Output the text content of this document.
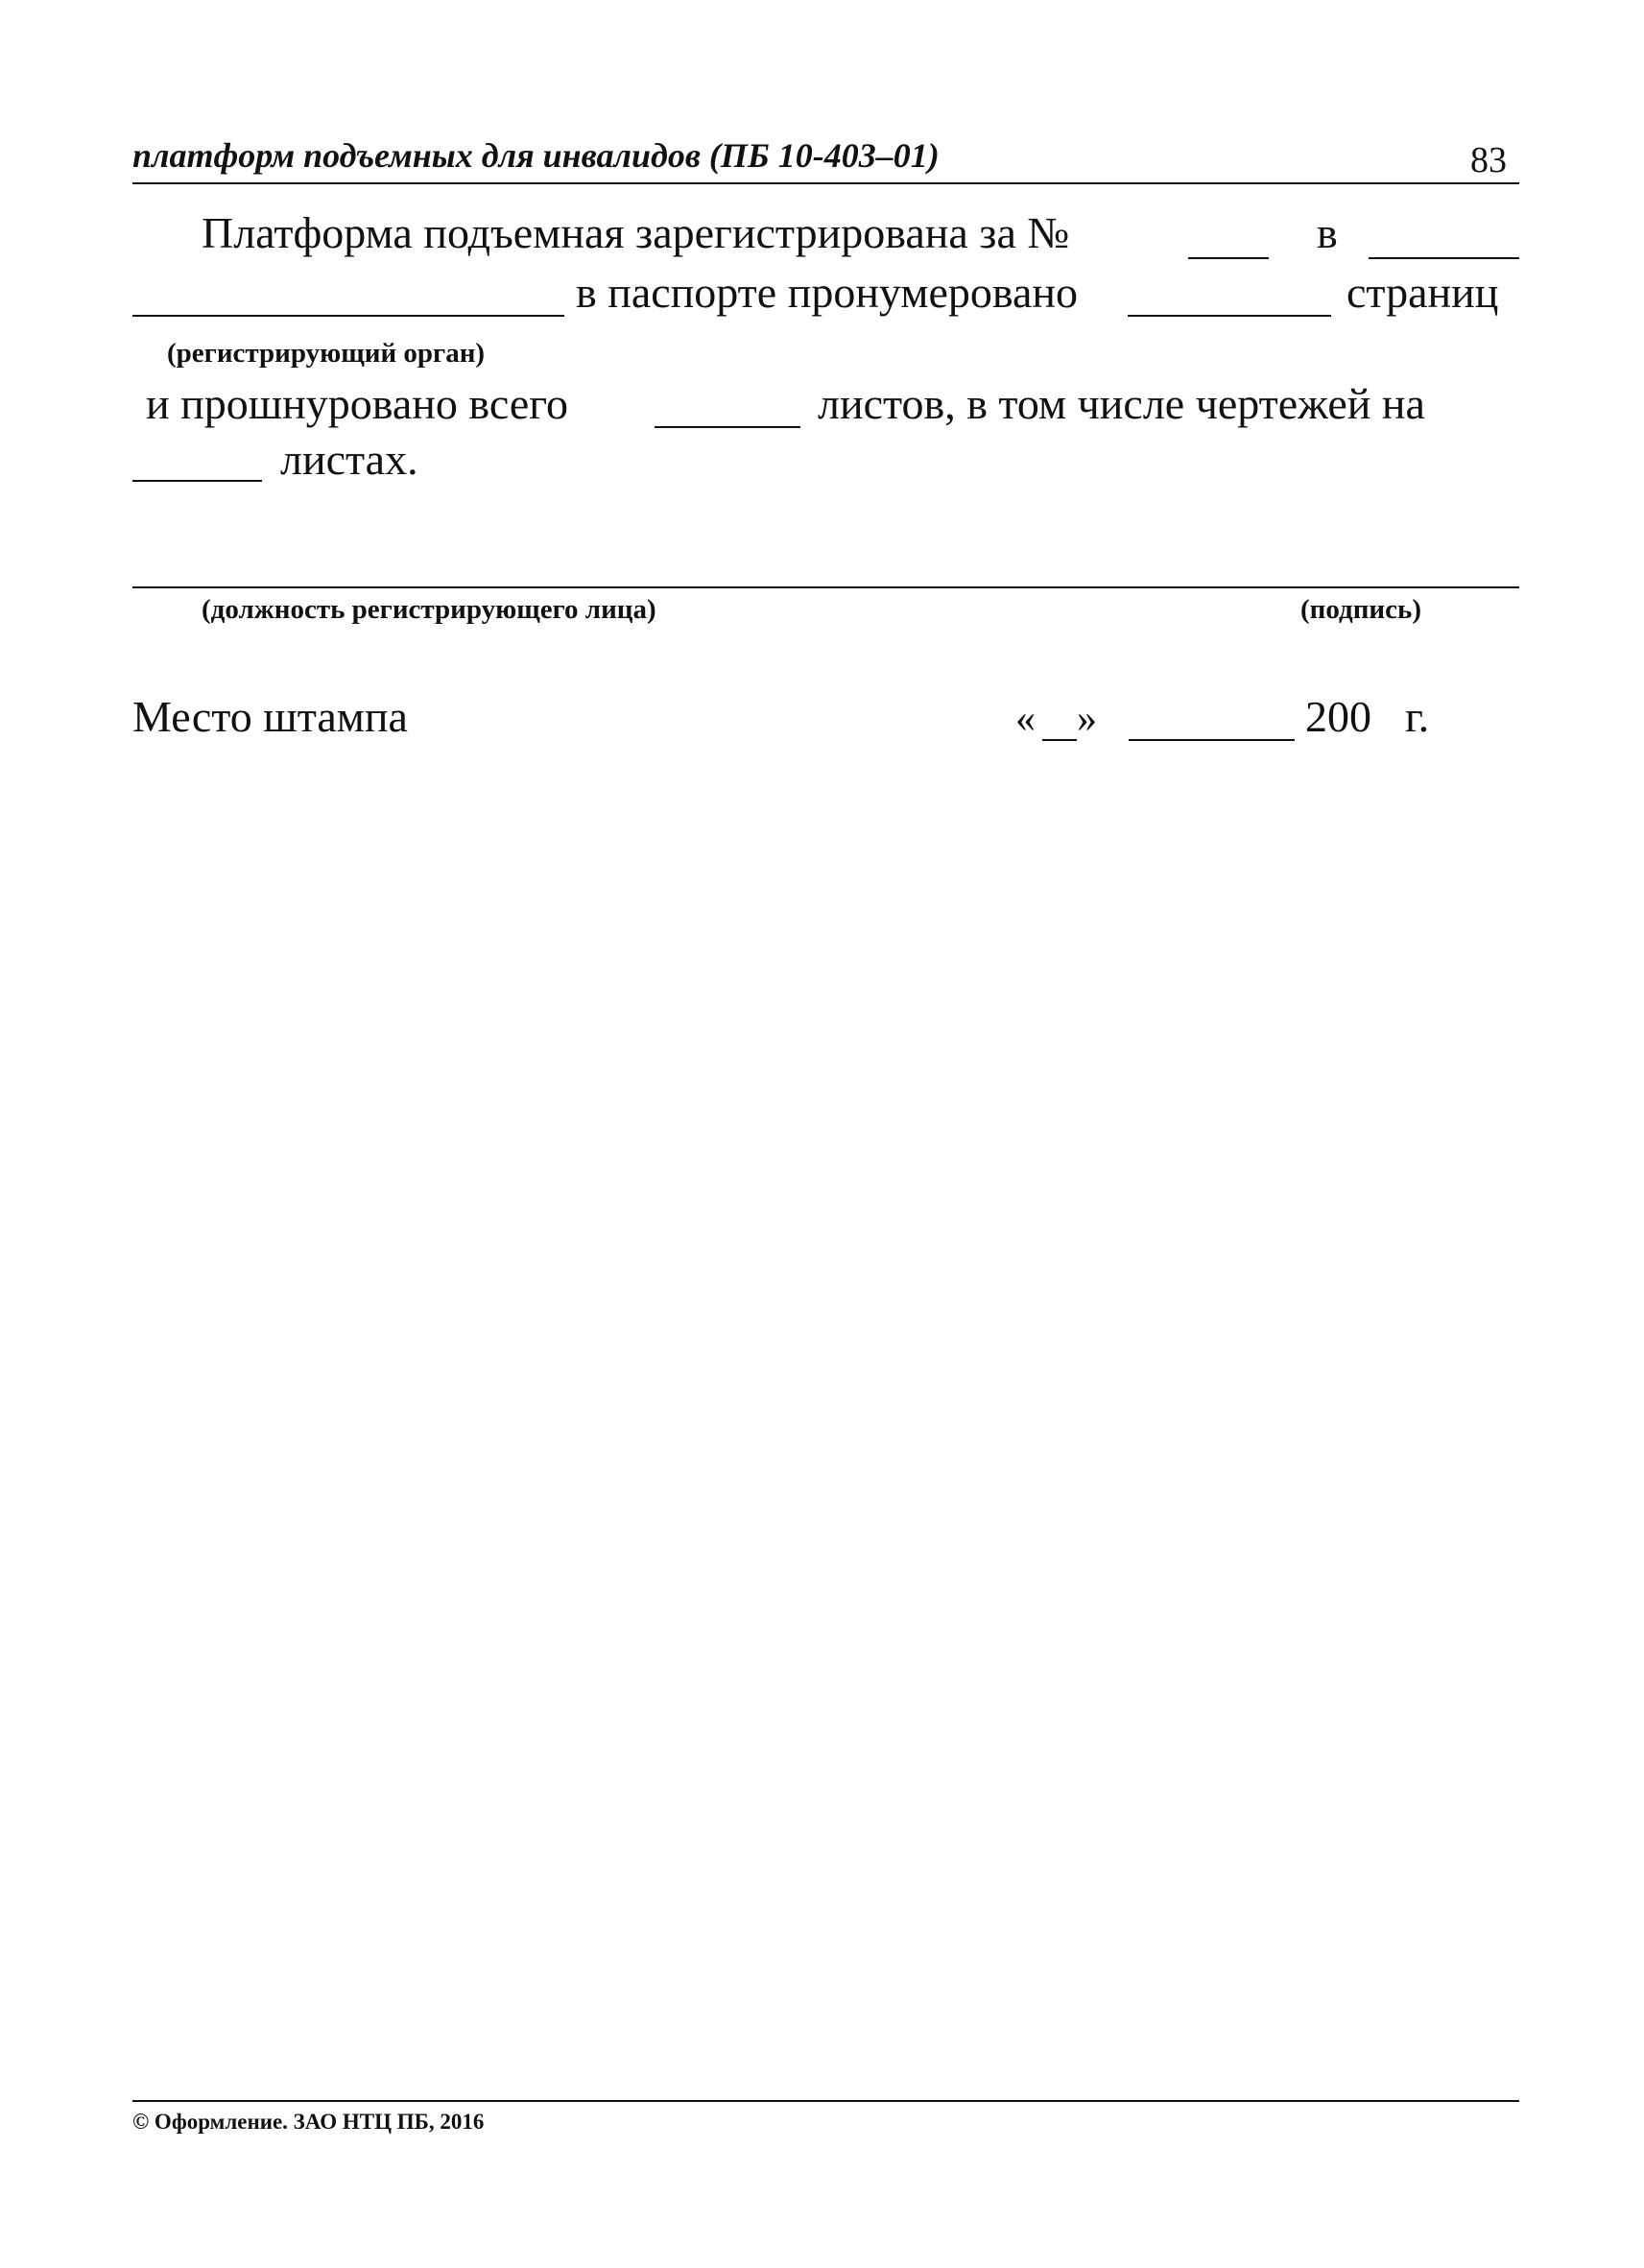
платформ подъемных для инвалидов (ПБ 10-403–01)	83
Платформа подъемная зарегистрирована за №	в
в паспорте пронумеровано	страниц
(регистрирующий орган)
и прошнуровано всего	листов, в том числе чертежей на
листах.
(должность регистрирующего лица)	(подпись)
Место штампа	« »	200 г.
© Оформление. ЗАО НТЦ ПБ, 2016
